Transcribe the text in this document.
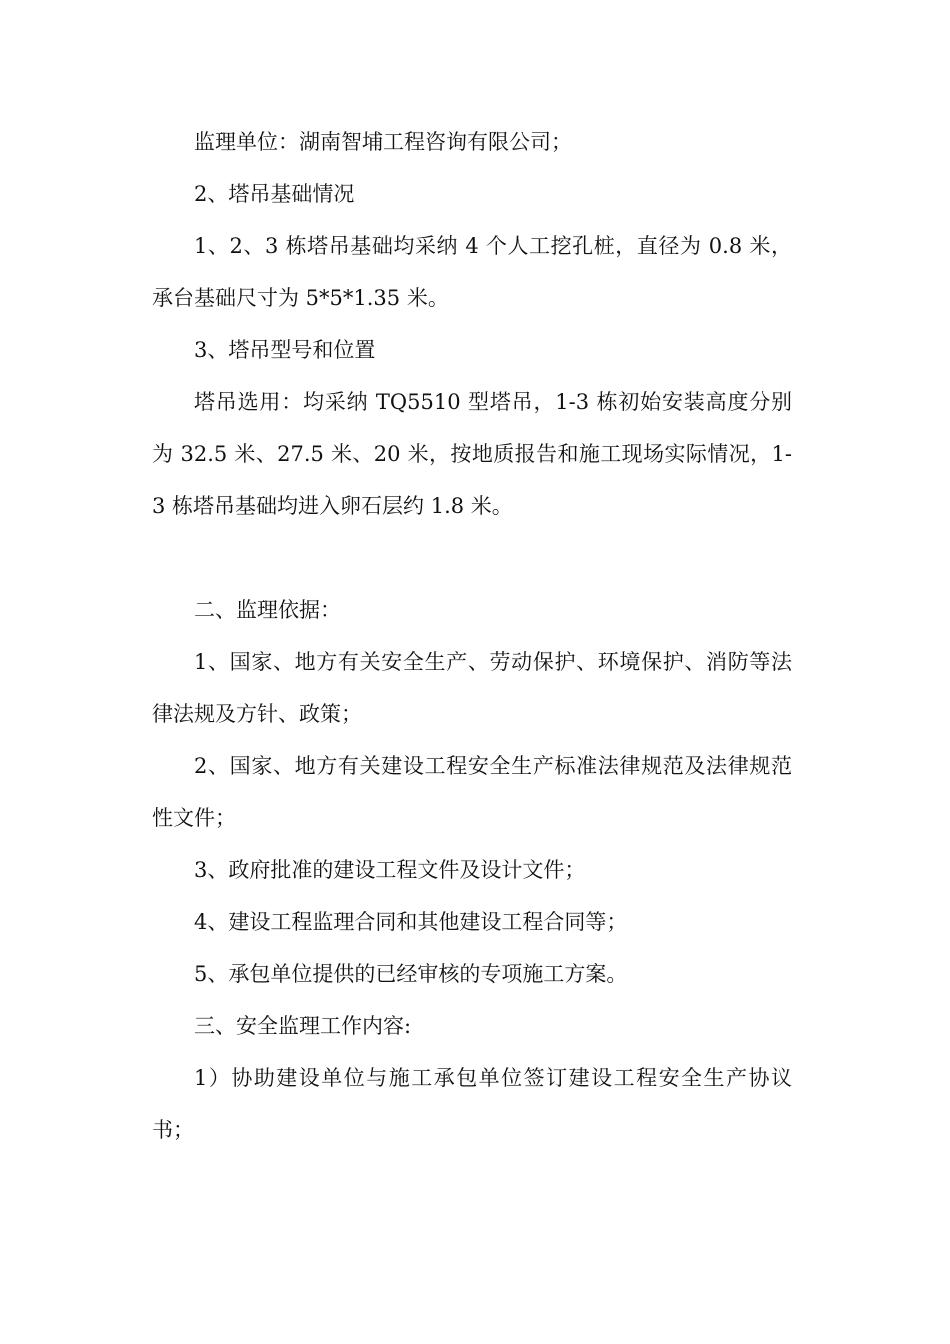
监理单位：湖南智埔工程咨询有限公司；

2、塔吊基础情况

1、2、3 栋塔吊基础均采纳 4 个人工挖孔桩，直径为 0.8 米，承台基础尺寸为 5*5*1.35 米。

3、塔吊型号和位置

塔吊选用：均采纳 TQ5510 型塔吊，1-3 栋初始安装高度分别为 32.5 米、27.5 米、20 米，按地质报告和施工现场实际情况，1-3 栋塔吊基础均进入卵石层约 1.8 米。

二、监理依据：

1、国家、地方有关安全生产、劳动保护、环境保护、消防等法律法规及方针、政策；

2、国家、地方有关建设工程安全生产标准法律规范及法律规范性文件；

3、政府批准的建设工程文件及设计文件；

4、建设工程监理合同和其他建设工程合同等；

5、承包单位提供的已经审核的专项施工方案。

三、安全监理工作内容:

1）协助建设单位与施工承包单位签订建设工程安全生产协议书；
